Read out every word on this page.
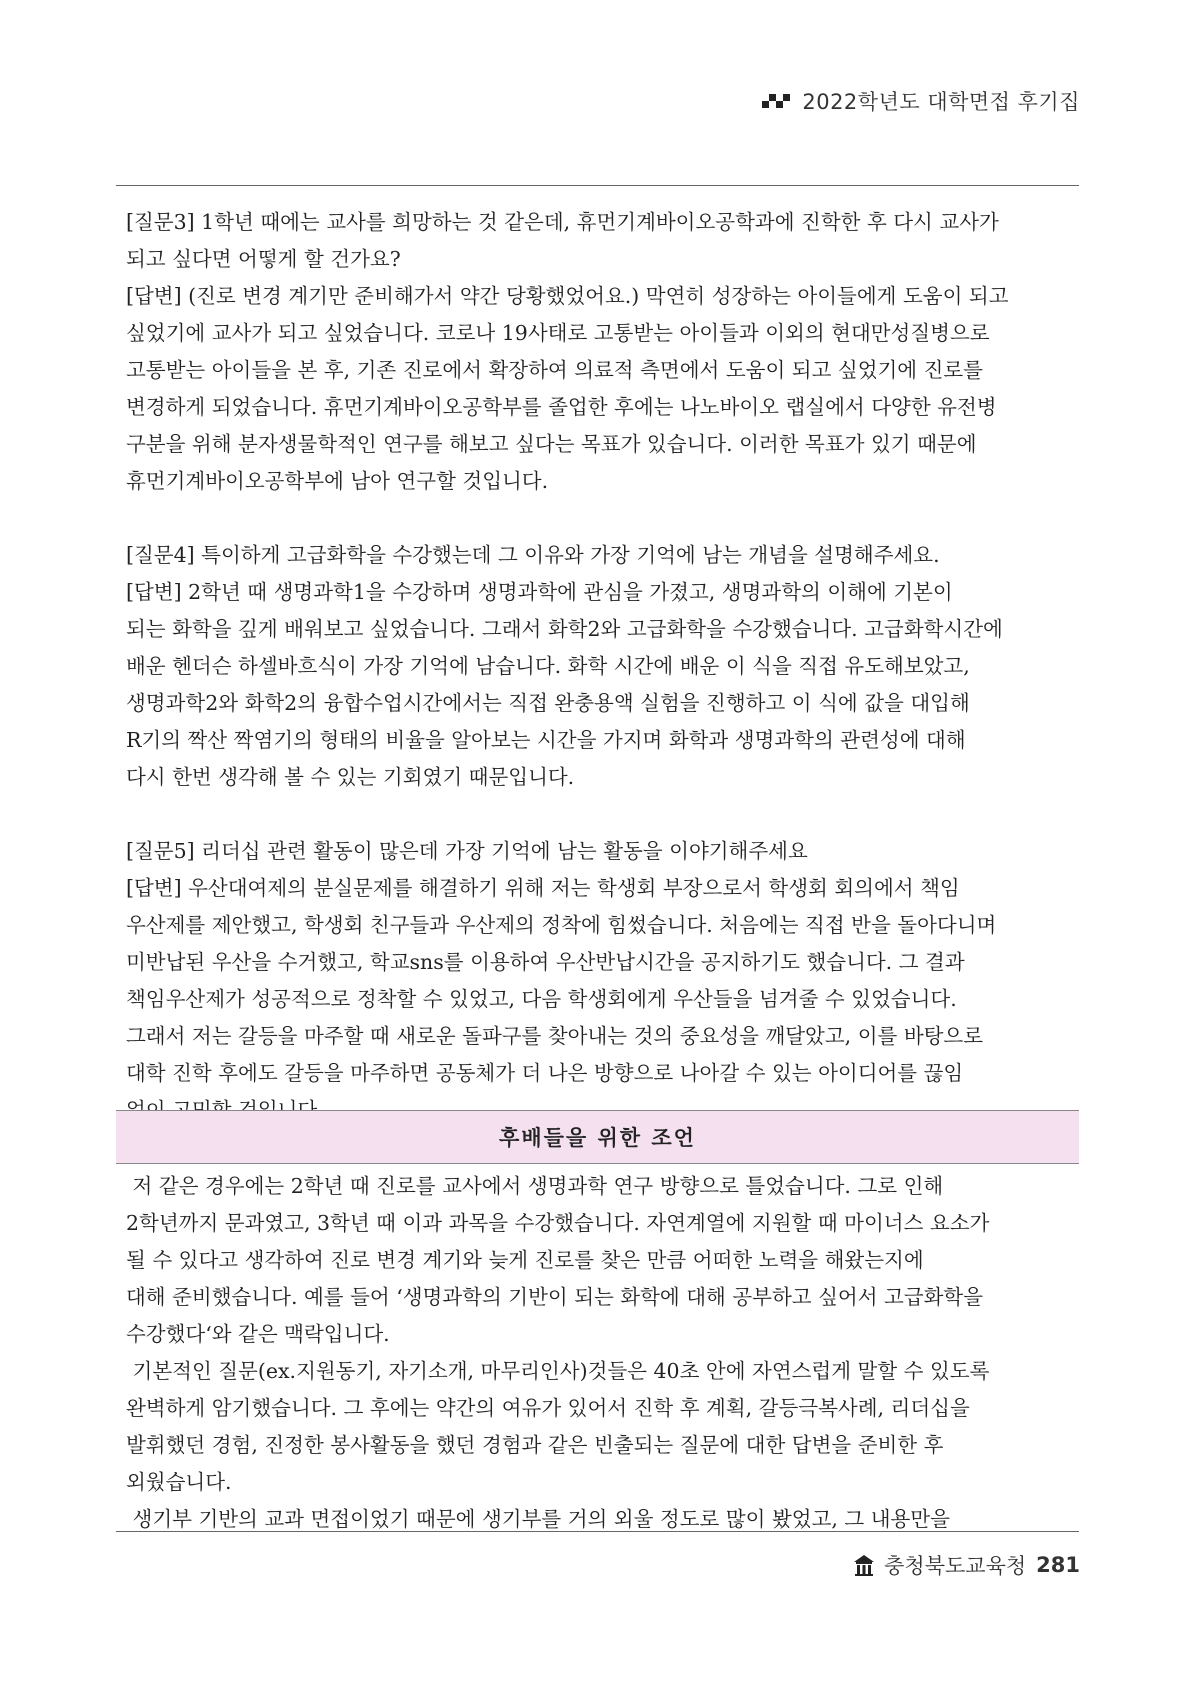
2022학년도 대학면접 후기집

[질문3] 1학년 때에는 교사를 희망하는 것 같은데, 휴먼기계바이오공학과에 진학한 후 다시 교사가

되고 싶다면 어떻게 할 건가요?

[답변] (진로 변경 계기만 준비해가서 약간 당황했었어요.) 막연히 성장하는 아이들에게 도움이 되고

싶었기에 교사가 되고 싶었습니다. 코로나 19사태로 고통받는 아이들과 이외의 현대만성질병으로

고통받는 아이들을 본 후, 기존 진로에서 확장하여 의료적 측면에서 도움이 되고 싶었기에 진로를

변경하게 되었습니다. 휴먼기계바이오공학부를 졸업한 후에는 나노바이오 랩실에서 다양한 유전병

구분을 위해 분자생물학적인 연구를 해보고 싶다는 목표가 있습니다. 이러한 목표가 있기 때문에

휴먼기계바이오공학부에 남아 연구할 것입니다.

[질문4] 특이하게 고급화학을 수강했는데 그 이유와 가장 기억에 남는 개념을 설명해주세요.

[답변] 2학년 때 생명과학1을 수강하며 생명과학에 관심을 가졌고, 생명과학의 이해에 기본이

되는 화학을 깊게 배워보고 싶었습니다. 그래서 화학2와 고급화학을 수강했습니다. 고급화학시간에

배운 헨더슨 하셀바흐식이 가장 기억에 남습니다. 화학 시간에 배운 이 식을 직접 유도해보았고,

생명과학2와 화학2의 융합수업시간에서는 직접 완충용액 실험을 진행하고 이 식에 값을 대입해

R기의 짝산 짝염기의 형태의 비율을 알아보는 시간을 가지며 화학과 생명과학의 관련성에 대해

다시 한번 생각해 볼 수 있는 기회였기 때문입니다.

[질문5] 리더십 관련 활동이 많은데 가장 기억에 남는 활동을 이야기해주세요

[답변] 우산대여제의 분실문제를 해결하기 위해 저는 학생회 부장으로서 학생회 회의에서 책임

우산제를 제안했고, 학생회 친구들과 우산제의 정착에 힘썼습니다. 처음에는 직접 반을 돌아다니며

미반납된 우산을 수거했고, 학교sns를 이용하여 우산반납시간을 공지하기도 했습니다. 그 결과

책임우산제가 성공적으로 정착할 수 있었고, 다음 학생회에게 우산들을 넘겨줄 수 있었습니다.

그래서 저는 갈등을 마주할 때 새로운 돌파구를 찾아내는 것의 중요성을 깨달았고, 이를 바탕으로

대학 진학 후에도 갈등을 마주하면 공동체가 더 나은 방향으로 나아갈 수 있는 아이디어를 끊임

후배들을 위한 조언

저 같은 경우에는 2학년 때 진로를 교사에서 생명과학 연구 방향으로 틀었습니다. 그로 인해

2학년까지 문과였고, 3학년 때 이과 과목을 수강했습니다. 자연계열에 지원할 때 마이너스 요소가

될 수 있다고 생각하여 진로 변경 계기와 늦게 진로를 찾은 만큼 어떠한 노력을 해왔는지에

대해 준비했습니다. 예를 들어 ‘생명과학의 기반이 되는 화학에 대해 공부하고 싶어서 고급화학을

수강했다‘와 같은 맥락입니다.

기본적인 질문(ex.지원동기, 자기소개, 마무리인사)것들은 40초 안에 자연스럽게 말할 수 있도록

완벽하게 암기했습니다. 그 후에는 약간의 여유가 있어서 진학 후 계획, 갈등극복사례, 리더십을

발휘했던 경험, 진정한 봉사활동을 했던 경험과 같은 빈출되는 질문에 대한 답변을 준비한 후

외웠습니다.

생기부 기반의 교과 면접이었기 때문에 생기부를 거의 외울 정도로 많이 봤었고, 그 내용만을

충청북도교육청 281
